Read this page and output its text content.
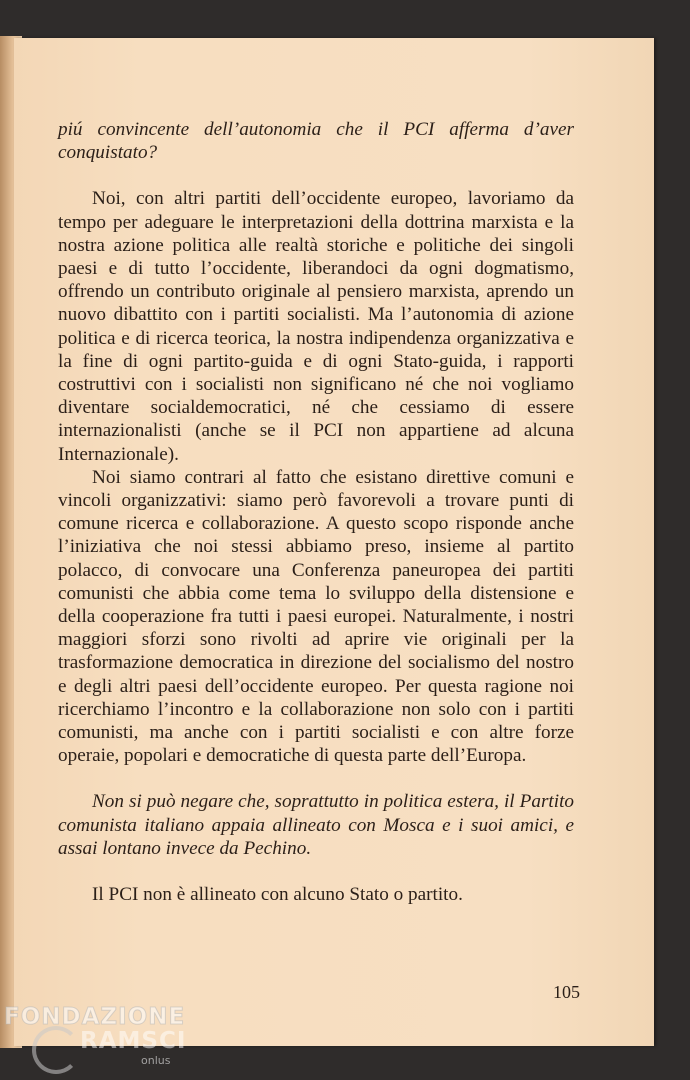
piú convincente dell’autonomia che il PCI afferma d’aver conquistato?

Noi, con altri partiti dell’occidente europeo, lavoriamo da tempo per adeguare le interpretazioni della dottrina marxista e la nostra azione politica alle realtà storiche e politiche dei singoli paesi e di tutto l’occidente, liberandoci da ogni dogmatismo, offrendo un contributo originale al pensiero marxista, aprendo un nuovo dibattito con i partiti socialisti. Ma l’autonomia di azione politica e di ricerca teorica, la nostra indipendenza organizzativa e la fine di ogni partito-guida e di ogni Stato-guida, i rapporti costruttivi con i socialisti non significano né che noi vogliamo diventare socialdemocratici, né che cessiamo di essere internazionalisti (anche se il PCI non appartiene ad alcuna Internazionale).

Noi siamo contrari al fatto che esistano direttive comuni e vincoli organizzativi: siamo però favorevoli a trovare punti di comune ricerca e collaborazione. A questo scopo risponde anche l’iniziativa che noi stessi abbiamo preso, insieme al partito polacco, di convocare una Conferenza paneuropea dei partiti comunisti che abbia come tema lo sviluppo della distensione e della cooperazione fra tutti i paesi europei. Naturalmente, i nostri maggiori sforzi sono rivolti ad aprire vie originali per la trasformazione democratica in direzione del socialismo del nostro e degli altri paesi dell’occidente europeo. Per questa ragione noi ricerchiamo l’incontro e la collaborazione non solo con i partiti comunisti, ma anche con i partiti socialisti e con altre forze operaie, popolari e democratiche di questa parte dell’Europa.

Non si può negare che, soprattutto in politica estera, il Partito comunista italiano appaia allineato con Mosca e i suoi amici, e assai lontano invece da Pechino.

Il PCI non è allineato con alcuno Stato o partito.

105
FONDAZIONE
RAMSCI
onlus
